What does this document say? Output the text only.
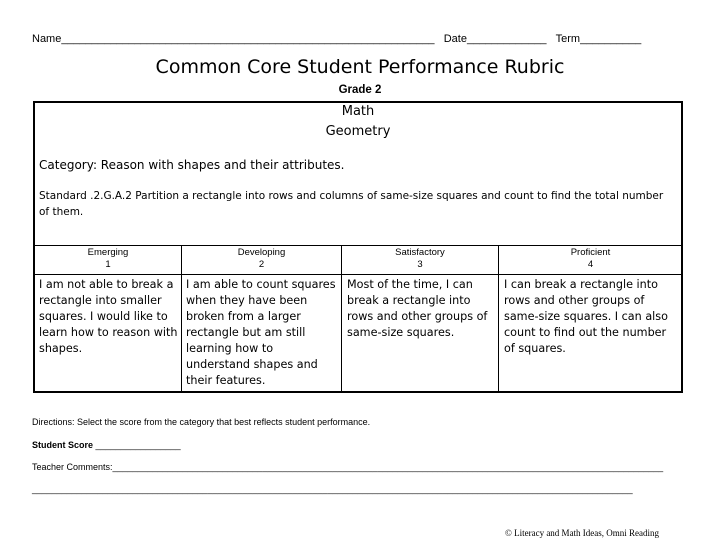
Name_____________________________________________________________ Date_____________ Term__________
Common Core Student Performance Rubric
Grade 2
Math
Geometry
Category: Reason with shapes and their attributes.
Standard .2.G.A.2 Partition a rectangle into rows and columns of same-size squares and count to find the total number of them.
Emerging
1
Developing
2
Satisfactory
3
Proficient
4
I am not able to break a rectangle into smaller squares. I would like to learn how to reason with shapes.
I am able to count squares when they have been broken from a larger rectangle but am still learning how to understand shapes and their features.
Most of the time, I can break a rectangle into rows and other groups of same-size squares.
I can break a rectangle into rows and other groups of same-size squares. I can also count to find out the number of squares.
Directions: Select the score from the category that best reflects student performance.
Student Score _________________
Teacher Comments:______________________________________________________________________________________________________________
________________________________________________________________________________________________________________________
© Literacy and Math Ideas, Omni Reading
